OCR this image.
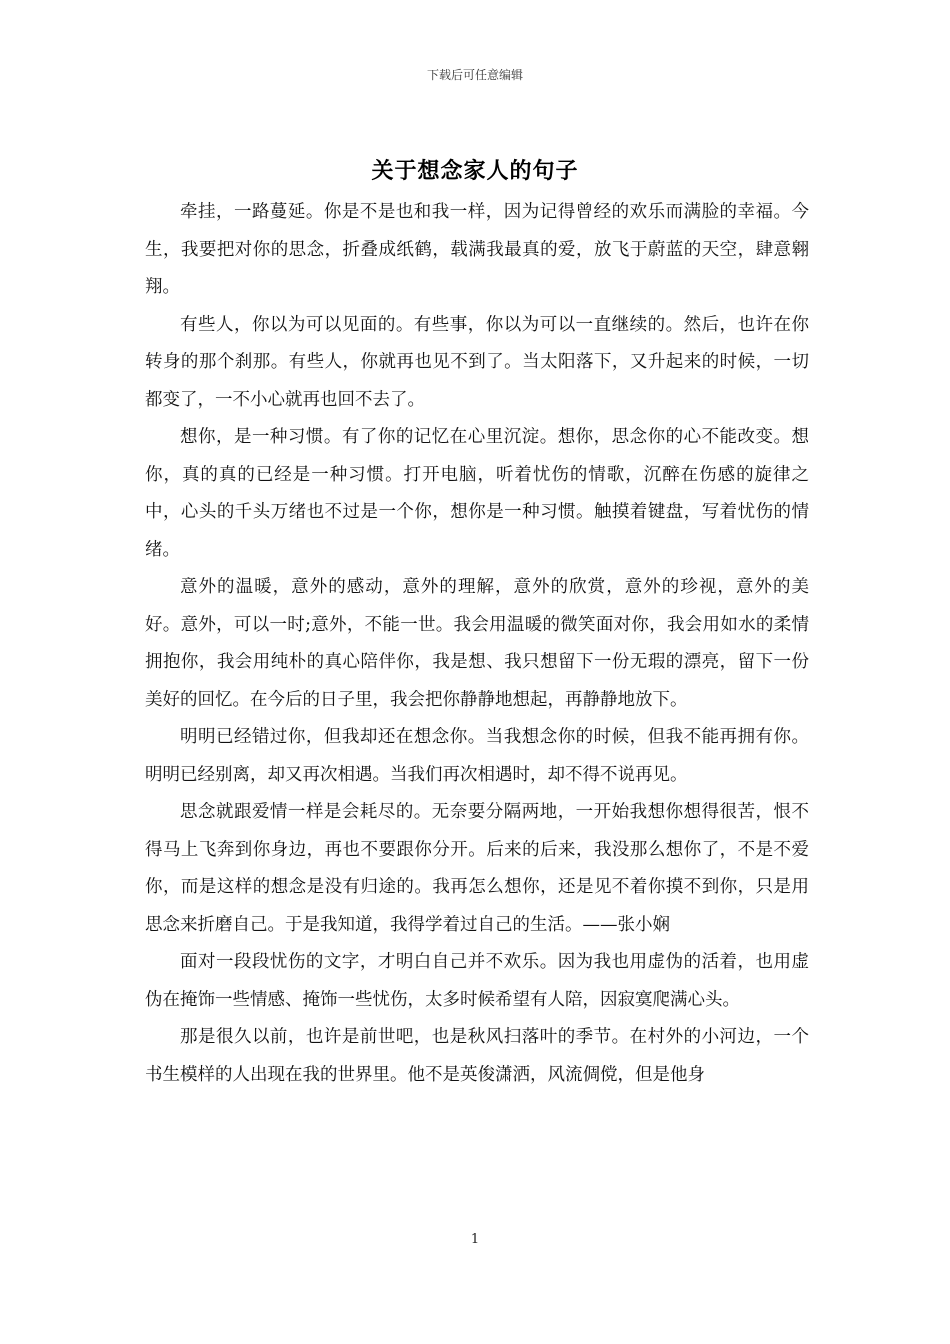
下载后可任意编辑
关于想念家人的句子

牵挂，一路蔓延。你是不是也和我一样，因为记得曾经的欢乐而满脸的幸福。今生，我要把对你的思念，折叠成纸鹤，载满我最真的爱，放飞于蔚蓝的天空，肆意翱翔。

有些人，你以为可以见面的。有些事，你以为可以一直继续的。然后，也许在你转身的那个刹那。有些人，你就再也见不到了。当太阳落下，又升起来的时候，一切都变了，一不小心就再也回不去了。

想你，是一种习惯。有了你的记忆在心里沉淀。想你，思念你的心不能改变。想你，真的真的已经是一种习惯。打开电脑，听着忧伤的情歌，沉醉在伤感的旋律之中，心头的千头万绪也不过是一个你，想你是一种习惯。触摸着键盘，写着忧伤的情绪。

意外的温暖，意外的感动，意外的理解，意外的欣赏，意外的珍视，意外的美好。意外，可以一时;意外，不能一世。我会用温暖的微笑面对你，我会用如水的柔情拥抱你，我会用纯朴的真心陪伴你，我是想、我只想留下一份无瑕的漂亮，留下一份美好的回忆。在今后的日子里，我会把你静静地想起，再静静地放下。

明明已经错过你，但我却还在想念你。当我想念你的时候，但我不能再拥有你。明明已经别离，却又再次相遇。当我们再次相遇时，却不得不说再见。

思念就跟爱情一样是会耗尽的。无奈要分隔两地，一开始我想你想得很苦，恨不得马上飞奔到你身边，再也不要跟你分开。后来的后来，我没那么想你了，不是不爱你，而是这样的想念是没有归途的。我再怎么想你，还是见不着你摸不到你，只是用思念来折磨自己。于是我知道，我得学着过自己的生活。——张小娴

面对一段段忧伤的文字，才明白自己并不欢乐。因为我也用虚伪的活着，也用虚伪在掩饰一些情感、掩饰一些忧伤，太多时候希望有人陪，因寂寞爬满心头。

那是很久以前，也许是前世吧，也是秋风扫落叶的季节。在村外的小河边，一个书生模样的人出现在我的世界里。他不是英俊潇洒，风流倜傥，但是他身

1
